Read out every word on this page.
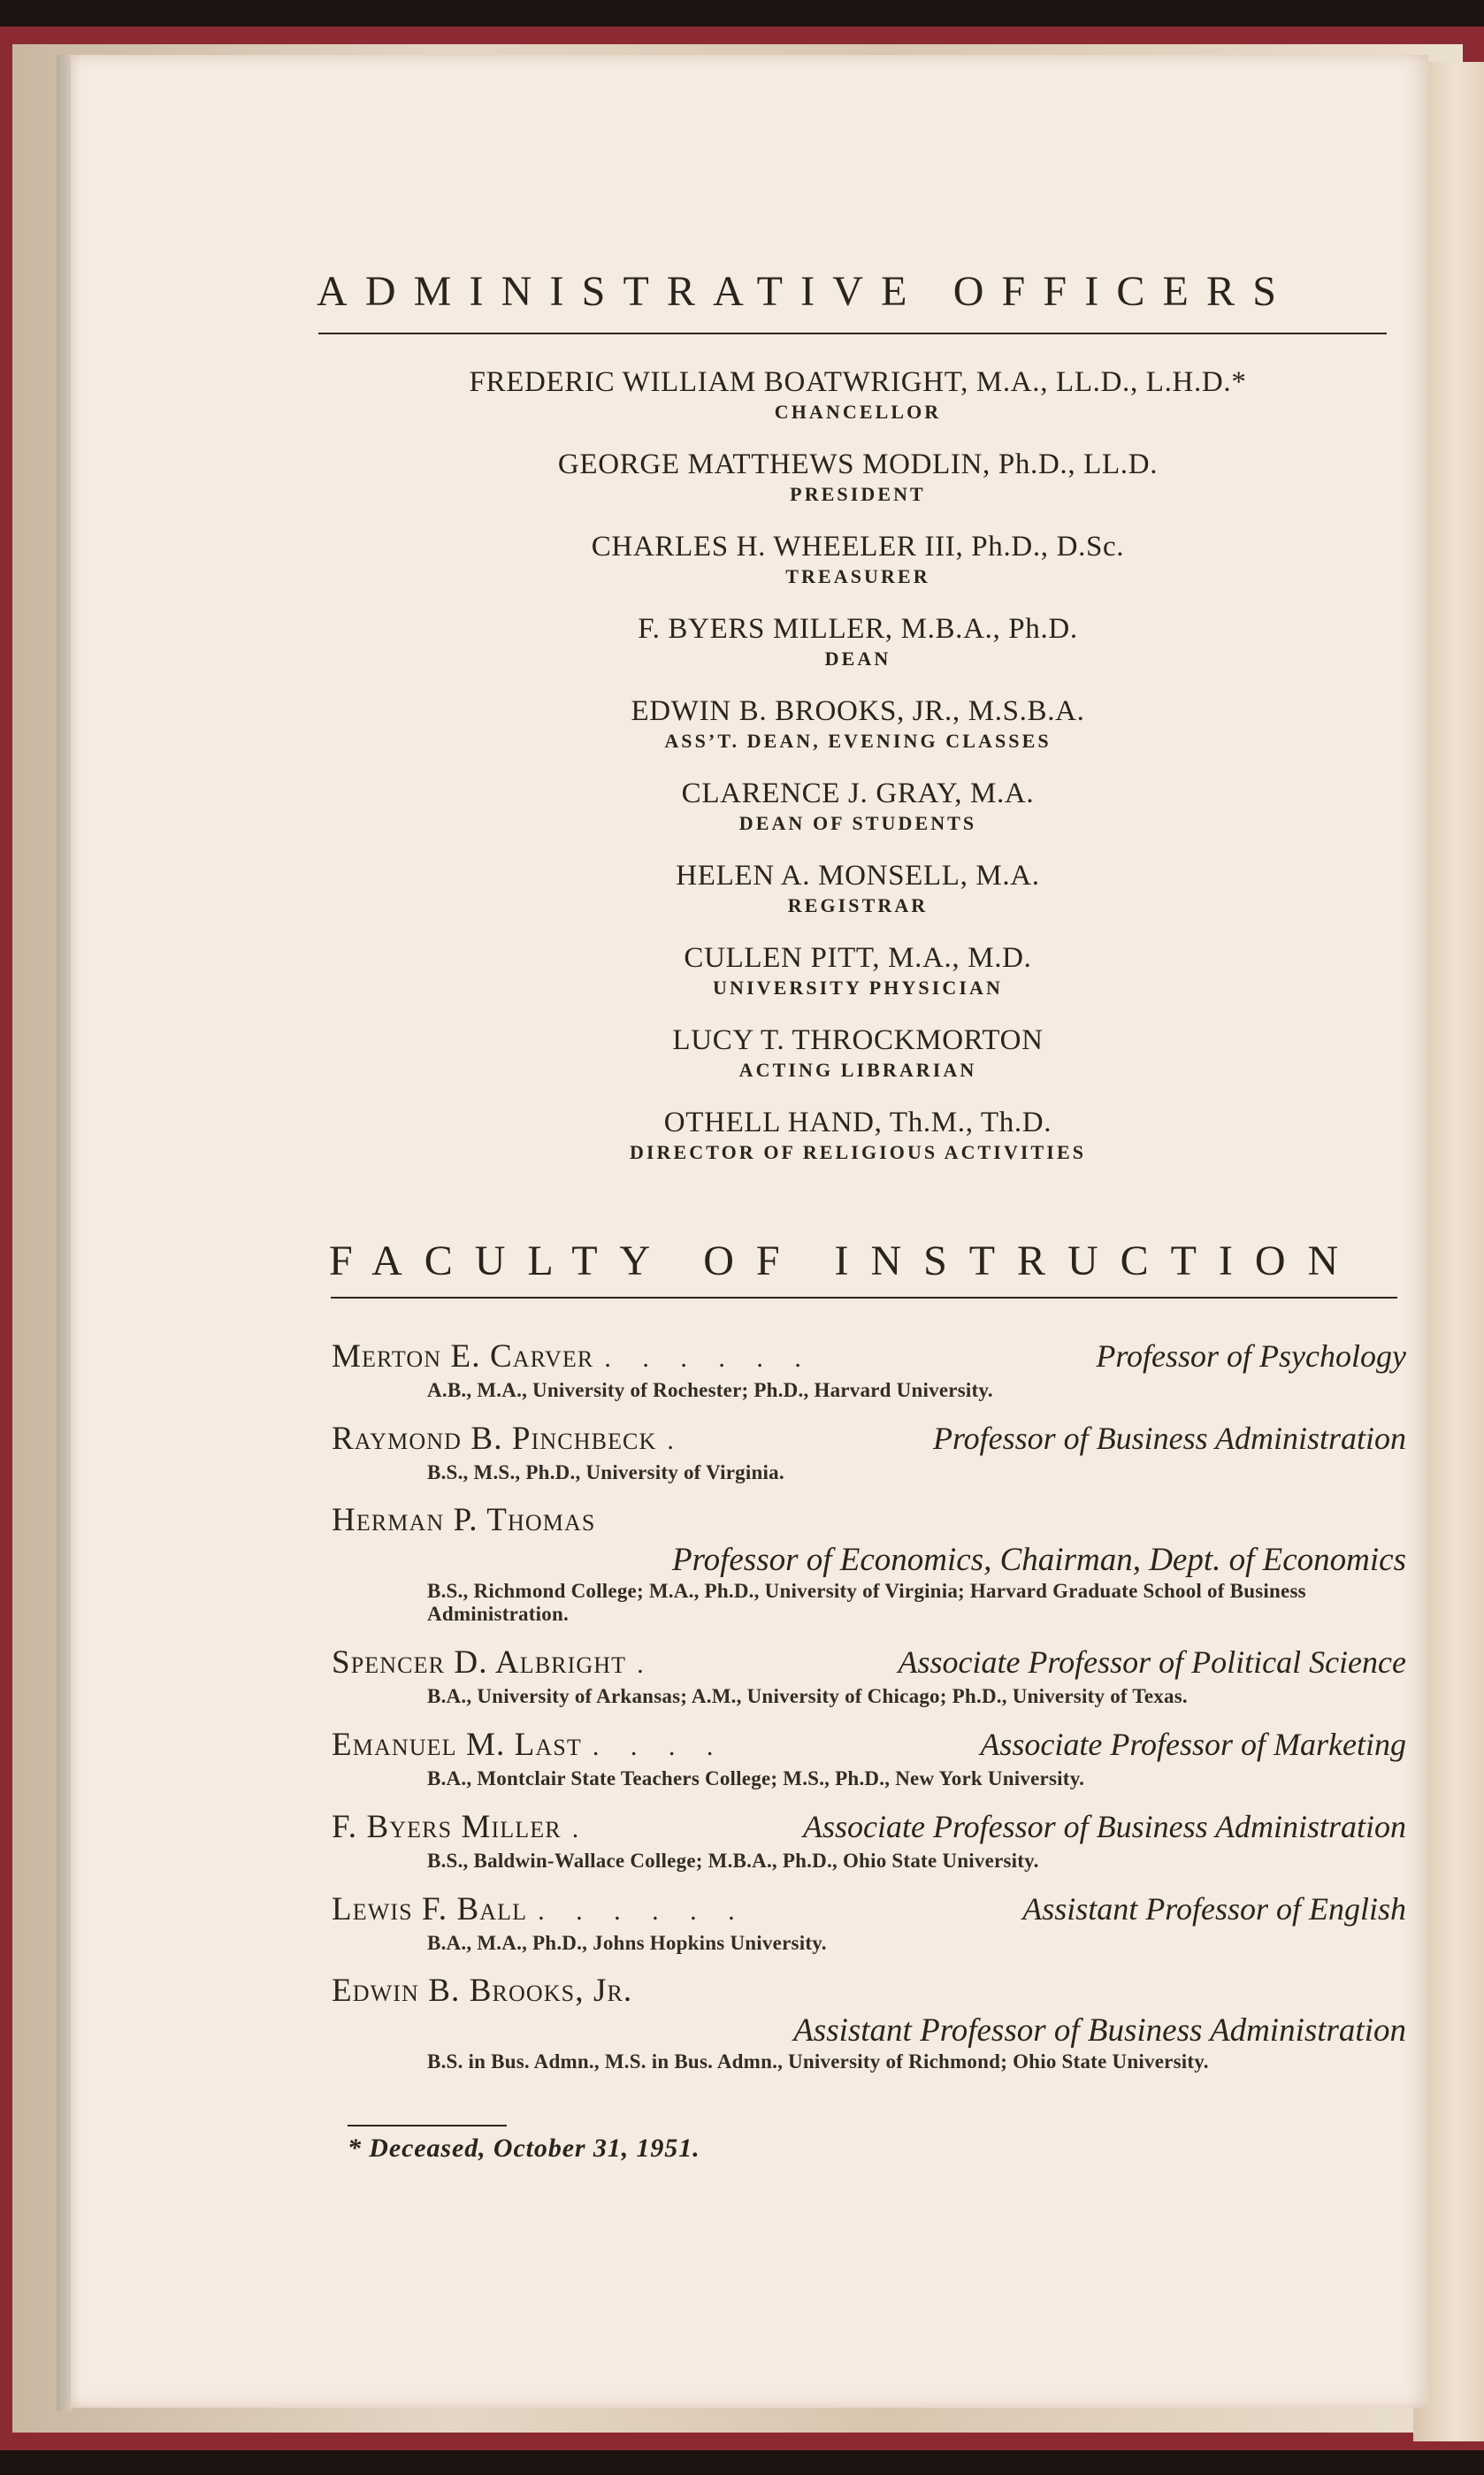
ADMINISTRATIVE OFFICERS
FREDERIC WILLIAM BOATWRIGHT, M.A., LL.D., L.H.D.*
CHANCELLOR
GEORGE MATTHEWS MODLIN, Ph.D., LL.D.
PRESIDENT
CHARLES H. WHEELER III, Ph.D., D.Sc.
TREASURER
F. BYERS MILLER, M.B.A., Ph.D.
DEAN
EDWIN B. BROOKS, JR., M.S.B.A.
ASS’T. DEAN, EVENING CLASSES
CLARENCE J. GRAY, M.A.
DEAN OF STUDENTS
HELEN A. MONSELL, M.A.
REGISTRAR
CULLEN PITT, M.A., M.D.
UNIVERSITY PHYSICIAN
LUCY T. THROCKMORTON
ACTING LIBRARIAN
OTHELL HAND, Th.M., Th.D.
DIRECTOR OF RELIGIOUS ACTIVITIES
FACULTY OF INSTRUCTION
Merton E. Carver . . . . . .	Professor of Psychology
A.B., M.A., University of Rochester; Ph.D., Harvard University.
Raymond B. Pinchbeck .	Professor of Business Administration
B.S., M.S., Ph.D., University of Virginia.
Herman P. Thomas
Professor of Economics, Chairman, Dept. of Economics
B.S., Richmond College; M.A., Ph.D., University of Virginia; Harvard Graduate School of Business Administration.
Spencer D. Albright .	Associate Professor of Political Science
B.A., University of Arkansas; A.M., University of Chicago; Ph.D., University of Texas.
Emanuel M. Last . . . .	Associate Professor of Marketing
B.A., Montclair State Teachers College; M.S., Ph.D., New York University.
F. Byers Miller .	Associate Professor of Business Administration
B.S., Baldwin-Wallace College; M.B.A., Ph.D., Ohio State University.
Lewis F. Ball . . . . . .	Assistant Professor of English
B.A., M.A., Ph.D., Johns Hopkins University.
Edwin B. Brooks, Jr.
Assistant Professor of Business Administration
B.S. in Bus. Admn., M.S. in Bus. Admn., University of Richmond; Ohio State University.
* Deceased, October 31, 1951.
